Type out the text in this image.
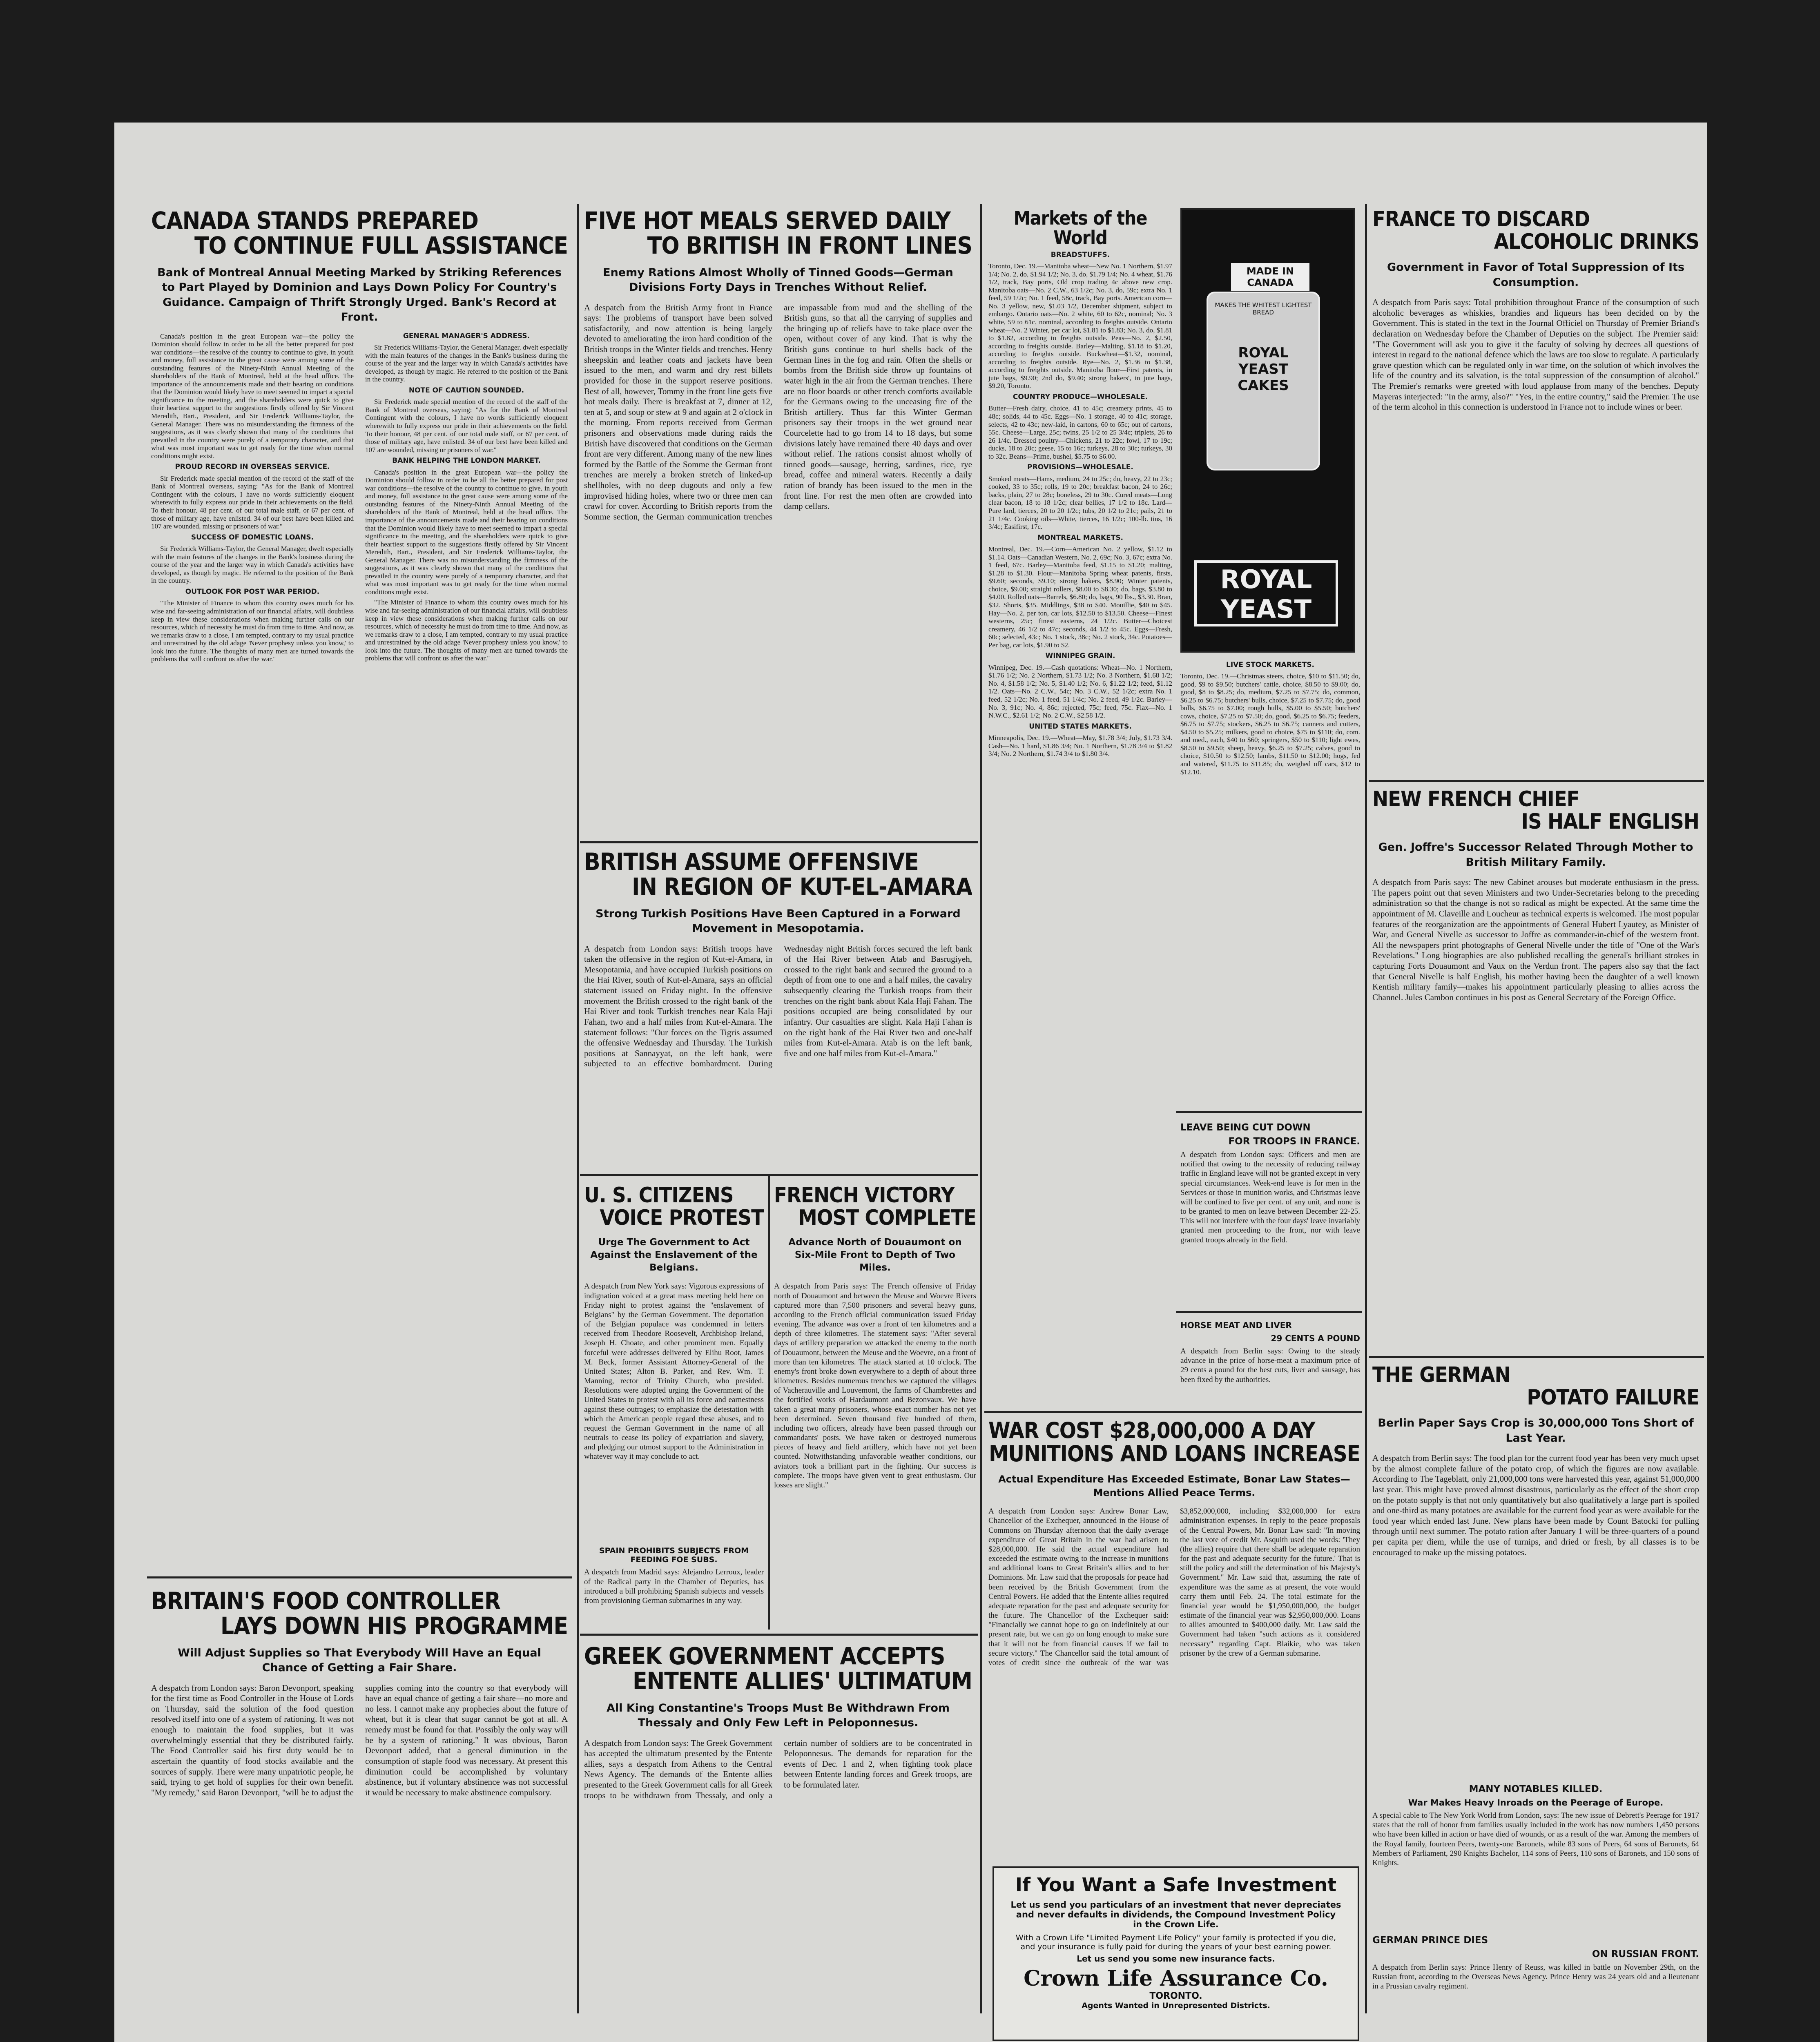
CANADA STANDS PREPARED
TO CONTINUE FULL ASSISTANCE
Bank of Montreal Annual Meeting Marked by Striking References to Part Played by Dominion and Lays Down Policy For Country's Guidance. Campaign of Thrift Strongly Urged. Bank's Record at Front.

Canada's position in the great European war—the policy the Dominion should follow in order to be all the better prepared for post war conditions—the resolve of the country to continue to give, in youth and money, full assistance to the great cause were among some of the outstanding features of the Ninety-Ninth Annual Meeting of the shareholders of the Bank of Montreal, held at the head office. The importance of the announcements made and their bearing on conditions that the Dominion would likely have to meet seemed to impart a special significance to the meeting, and the shareholders were quick to give their heartiest support to the suggestions firstly offered by Sir Vincent Meredith, Bart., President, and Sir Frederick Williams-Taylor, the General Manager. There was no misunderstanding the firmness of the suggestions, as it was clearly shown that many of the conditions that prevailed in the country were purely of a temporary character, and that what was most important was to get ready for the time when normal conditions might exist.

PROUD RECORD IN OVERSEAS SERVICE.

Sir Frederick made special mention of the record of the staff of the Bank of Montreal overseas, saying: "As for the Bank of Montreal Contingent with the colours, I have no words sufficiently eloquent wherewith to fully express our pride in their achievements on the field. To their honour, 48 per cent. of our total male staff, or 67 per cent. of those of military age, have enlisted. 34 of our best have been killed and 107 are wounded, missing or prisoners of war."

SUCCESS OF DOMESTIC LOANS.

Sir Frederick Williams-Taylor, the General Manager, dwelt especially with the main features of the changes in the Bank's business during the course of the year and the larger way in which Canada's activities have developed, as though by magic. He referred to the position of the Bank in the country.

OUTLOOK FOR POST WAR PERIOD.

"The Minister of Finance to whom this country owes much for his wise and far-seeing administration of our financial affairs, will doubtless keep in view these considerations when making further calls on our resources, which of necessity he must do from time to time. And now, as we remarks draw to a close, I am tempted, contrary to my usual practice and unrestrained by the old adage 'Never prophesy unless you know,' to look into the future. The thoughts of many men are turned towards the problems that will confront us after the war."

GENERAL MANAGER'S ADDRESS.

Sir Frederick Williams-Taylor, the General Manager, dwelt especially with the main features of the changes in the Bank's business during the course of the year and the larger way in which Canada's activities have developed, as though by magic. He referred to the position of the Bank in the country.

NOTE OF CAUTION SOUNDED.

Sir Frederick made special mention of the record of the staff of the Bank of Montreal overseas, saying: "As for the Bank of Montreal Contingent with the colours, I have no words sufficiently eloquent wherewith to fully express our pride in their achievements on the field. To their honour, 48 per cent. of our total male staff, or 67 per cent. of those of military age, have enlisted. 34 of our best have been killed and 107 are wounded, missing or prisoners of war."

BANK HELPING THE LONDON MARKET.

Canada's position in the great European war—the policy the Dominion should follow in order to be all the better prepared for post war conditions—the resolve of the country to continue to give, in youth and money, full assistance to the great cause were among some of the outstanding features of the Ninety-Ninth Annual Meeting of the shareholders of the Bank of Montreal, held at the head office. The importance of the announcements made and their bearing on conditions that the Dominion would likely have to meet seemed to impart a special significance to the meeting, and the shareholders were quick to give their heartiest support to the suggestions firstly offered by Sir Vincent Meredith, Bart., President, and Sir Frederick Williams-Taylor, the General Manager. There was no misunderstanding the firmness of the suggestions, as it was clearly shown that many of the conditions that prevailed in the country were purely of a temporary character, and that what was most important was to get ready for the time when normal conditions might exist.

"The Minister of Finance to whom this country owes much for his wise and far-seeing administration of our financial affairs, will doubtless keep in view these considerations when making further calls on our resources, which of necessity he must do from time to time. And now, as we remarks draw to a close, I am tempted, contrary to my usual practice and unrestrained by the old adage 'Never prophesy unless you know,' to look into the future. The thoughts of many men are turned towards the problems that will confront us after the war."

BRITAIN'S FOOD CONTROLLER
LAYS DOWN HIS PROGRAMME
Will Adjust Supplies so That Everybody Will Have an Equal Chance of Getting a Fair Share.
A despatch from London says: Baron Devonport, speaking for the first time as Food Controller in the House of Lords on Thursday, said the solution of the food question resolved itself into one of a system of rationing. It was not enough to maintain the food supplies, but it was overwhelmingly essential that they be distributed fairly. The Food Controller said his first duty would be to ascertain the quantity of food stocks available and the sources of supply. There were many unpatriotic people, he said, trying to get hold of supplies for their own benefit. "My remedy," said Baron Devonport, "will be to adjust the supplies coming into the country so that everybody will have an equal chance of getting a fair share—no more and no less. I cannot make any prophecies about the future of wheat, but it is clear that sugar cannot be got at all. A remedy must be found for that. Possibly the only way will be by a system of rationing." It was obvious, Baron Devonport added, that a general diminution in the consumption of staple food was necessary. At present this diminution could be accomplished by voluntary abstinence, but if voluntary abstinence was not successful it would be necessary to make abstinence compulsory.
FIVE HOT MEALS SERVED DAILY
TO BRITISH IN FRONT LINES
Enemy Rations Almost Wholly of Tinned Goods—German Divisions Forty Days in Trenches Without Relief.
A despatch from the British Army front in France says: The problems of transport have been solved satisfactorily, and now attention is being largely devoted to ameliorating the iron hard condition of the British troops in the Winter fields and trenches. Henry sheepskin and leather coats and jackets have been issued to the men, and warm and dry rest billets provided for those in the support reserve positions. Best of all, however, Tommy in the front line gets five hot meals daily. There is breakfast at 7, dinner at 12, ten at 5, and soup or stew at 9 and again at 2 o'clock in the morning. From reports received from German prisoners and observations made during raids the British have discovered that conditions on the German front are very different. Among many of the new lines formed by the Battle of the Somme the German front trenches are merely a broken stretch of linked-up shellholes, with no deep dugouts and only a few improvised hiding holes, where two or three men can crawl for cover. According to British reports from the Somme section, the German communication trenches are impassable from mud and the shelling of the British guns, so that all the carrying of supplies and the bringing up of reliefs have to take place over the open, without cover of any kind. That is why the British guns continue to hurl shells back of the German lines in the fog and rain. Often the shells or bombs from the British side throw up fountains of water high in the air from the German trenches. There are no floor boards or other trench comforts available for the Germans owing to the unceasing fire of the British artillery. Thus far this Winter German prisoners say their troops in the wet ground near Courcelette had to go from 14 to 18 days, but some divisions lately have remained there 40 days and over without relief. The rations consist almost wholly of tinned goods—sausage, herring, sardines, rice, rye bread, coffee and mineral waters. Recently a daily ration of brandy has been issued to the men in the front line. For rest the men often are crowded into damp cellars.
BRITISH ASSUME OFFENSIVE
IN REGION OF KUT-EL-AMARA
Strong Turkish Positions Have Been Captured in a Forward Movement in Mesopotamia.
A despatch from London says: British troops have taken the offensive in the region of Kut-el-Amara, in Mesopotamia, and have occupied Turkish positions on the Hai River, south of Kut-el-Amara, says an official statement issued on Friday night. In the offensive movement the British crossed to the right bank of the Hai River and took Turkish trenches near Kala Haji Fahan, two and a half miles from Kut-el-Amara. The statement follows: "Our forces on the Tigris assumed the offensive Wednesday and Thursday. The Turkish positions at Sannayyat, on the left bank, were subjected to an effective bombardment. During Wednesday night British forces secured the left bank of the Hai River between Atab and Basrugiyeh, crossed to the right bank and secured the ground to a depth of from one to one and a half miles, the cavalry subsequently clearing the Turkish troops from their trenches on the right bank about Kala Haji Fahan. The positions occupied are being consolidated by our infantry. Our casualties are slight. Kala Haji Fahan is on the right bank of the Hai River two and one-half miles from Kut-el-Amara. Atab is on the left bank, five and one half miles from Kut-el-Amara."
U. S. CITIZENS
VOICE PROTEST
Urge The Government to Act Against the Enslavement of the Belgians.
A despatch from New York says: Vigorous expressions of indignation voiced at a great mass meeting held here on Friday night to protest against the "enslavement of Belgians" by the German Government. The deportation of the Belgian populace was condemned in letters received from Theodore Roosevelt, Archbishop Ireland, Joseph H. Choate, and other prominent men. Equally forceful were addresses delivered by Elihu Root, James M. Beck, former Assistant Attorney-General of the United States; Alton B. Parker, and Rev. Wm. T. Manning, rector of Trinity Church, who presided. Resolutions were adopted urging the Government of the United States to protest with all its force and earnestness against these outrages; to emphasize the detestation with which the American people regard these abuses, and to request the German Government in the name of all neutrals to cease its policy of expatriation and slavery, and pledging our utmost support to the Administration in whatever way it may conclude to act.
SPAIN PROHIBITS SUBJECTS FROM FEEDING FOE SUBS.
A despatch from Madrid says: Alejandro Lerroux, leader of the Radical party in the Chamber of Deputies, has introduced a bill prohibiting Spanish subjects and vessels from provisioning German submarines in any way.
FRENCH VICTORY
MOST COMPLETE
Advance North of Douaumont on Six-Mile Front to Depth of Two Miles.
A despatch from Paris says: The French offensive of Friday north of Douaumont and between the Meuse and Woevre Rivers captured more than 7,500 prisoners and several heavy guns, according to the French official communication issued Friday evening. The advance was over a front of ten kilometres and a depth of three kilometres. The statement says: "After several days of artillery preparation we attacked the enemy to the north of Douaumont, between the Meuse and the Woevre, on a front of more than ten kilometres. The attack started at 10 o'clock. The enemy's front broke down everywhere to a depth of about three kilometres. Besides numerous trenches we captured the villages of Vacherauville and Louvemont, the farms of Chambrettes and the fortified works of Hardaumont and Bezonvaux. We have taken a great many prisoners, whose exact number has not yet been determined. Seven thousand five hundred of them, including two officers, already have been passed through our commandants' posts. We have taken or destroyed numerous pieces of heavy and field artillery, which have not yet been counted. Notwithstanding unfavorable weather conditions, our aviators took a brilliant part in the fighting. Our success is complete. The troops have given vent to great enthusiasm. Our losses are slight."
GREEK GOVERNMENT ACCEPTS
ENTENTE ALLIES' ULTIMATUM
All King Constantine's Troops Must Be Withdrawn From Thessaly and Only Few Left in Peloponnesus.
A despatch from London says: The Greek Government has accepted the ultimatum presented by the Entente allies, says a despatch from Athens to the Central News Agency. The demands of the Entente allies presented to the Greek Government calls for all Greek troops to be withdrawn from Thessaly, and only a certain number of soldiers are to be concentrated in Peloponnesus. The demands for reparation for the events of Dec. 1 and 2, when fighting took place between Entente landing forces and Greek troops, are to be formulated later.
Markets of the World
BREADSTUFFS.
Toronto, Dec. 19.—Manitoba wheat—New No. 1 Northern, $1.97 1/4; No. 2, do, $1.94 1/2; No. 3, do, $1.79 1/4; No. 4 wheat, $1.76 1/2, track, Bay ports, Old crop trading 4c above new crop. Manitoba oats—No. 2 C.W., 63 1/2c; No. 3, do, 59c; extra No. 1 feed, 59 1/2c; No. 1 feed, 58c, track, Bay ports. American corn—No. 3 yellow, new, $1.03 1/2, December shipment, subject to embargo. Ontario oats—No. 2 white, 60 to 62c, nominal; No. 3 white, 59 to 61c, nominal, according to freights outside. Ontario wheat—No. 2 Winter, per car lot, $1.81 to $1.83; No. 3, do, $1.81 to $1.82, according to freights outside. Peas—No. 2, $2.50, according to freights outside. Barley—Malting, $1.18 to $1.20, according to freights outside. Buckwheat—$1.32, nominal, according to freights outside. Rye—No. 2, $1.36 to $1.38, according to freights outside. Manitoba flour—First patents, in jute bags, $9.90; 2nd do, $9.40; strong bakers', in jute bags, $9.20, Toronto.
COUNTRY PRODUCE—WHOLESALE.
Butter—Fresh dairy, choice, 41 to 45c; creamery prints, 45 to 48c; solids, 44 to 45c. Eggs—No. 1 storage, 40 to 41c; storage, selects, 42 to 43c; new-laid, in cartons, 60 to 65c; out of cartons, 55c. Cheese—Large, 25c; twins, 25 1/2 to 25 3/4c; triplets, 26 to 26 1/4c. Dressed poultry—Chickens, 21 to 22c; fowl, 17 to 19c; ducks, 18 to 20c; geese, 15 to 16c; turkeys, 28 to 30c; turkeys, 30 to 32c. Beans—Prime, bushel, $5.75 to $6.00.
PROVISIONS—WHOLESALE.
Smoked meats—Hams, medium, 24 to 25c; do, heavy, 22 to 23c; cooked, 33 to 35c; rolls, 19 to 20c; breakfast bacon, 24 to 26c; backs, plain, 27 to 28c; boneless, 29 to 30c. Cured meats—Long clear bacon, 18 to 18 1/2c; clear bellies, 17 1/2 to 18c. Lard—Pure lard, tierces, 20 to 20 1/2c; tubs, 20 1/2 to 21c; pails, 21 to 21 1/4c. Cooking oils—White, tierces, 16 1/2c; 100-lb. tins, 16 3/4c; Easifirst, 17c.
MONTREAL MARKETS.
Montreal, Dec. 19.—Corn—American No. 2 yellow, $1.12 to $1.14. Oats—Canadian Western, No. 2, 69c; No. 3, 67c; extra No. 1 feed, 67c. Barley—Manitoba feed, $1.15 to $1.20; malting, $1.28 to $1.30. Flour—Manitoba Spring wheat patents, firsts, $9.60; seconds, $9.10; strong bakers, $8.90; Winter patents, choice, $9.00; straight rollers, $8.00 to $8.30; do, bags, $3.80 to $4.00. Rolled oats—Barrels, $6.80; do, bags, 90 lbs., $3.30. Bran, $32. Shorts, $35. Middlings, $38 to $40. Mouillie, $40 to $45. Hay—No. 2, per ton, car lots, $12.50 to $13.50. Cheese—Finest westerns, 25c; finest easterns, 24 1/2c. Butter—Choicest creamery, 46 1/2 to 47c; seconds, 44 1/2 to 45c. Eggs—Fresh, 60c; selected, 43c; No. 1 stock, 38c; No. 2 stock, 34c. Potatoes—Per bag, car lots, $1.90 to $2.
WINNIPEG GRAIN.
Winnipeg, Dec. 19.—Cash quotations: Wheat—No. 1 Northern, $1.76 1/2; No. 2 Northern, $1.73 1/2; No. 3 Northern, $1.68 1/2; No. 4, $1.58 1/2; No. 5, $1.40 1/2; No. 6, $1.22 1/2; feed, $1.12 1/2. Oats—No. 2 C.W., 54c; No. 3 C.W., 52 1/2c; extra No. 1 feed, 52 1/2c; No. 1 feed, 51 1/4c; No. 2 feed, 49 1/2c. Barley—No. 3, 91c; No. 4, 86c; rejected, 75c; feed, 75c. Flax—No. 1 N.W.C., $2.61 1/2; No. 2 C.W., $2.58 1/2.
UNITED STATES MARKETS.
Minneapolis, Dec. 19.—Wheat—May, $1.78 3/4; July, $1.73 3/4. Cash—No. 1 hard, $1.86 3/4; No. 1 Northern, $1.78 3/4 to $1.82 3/4; No. 2 Northern, $1.74 3/4 to $1.80 3/4.
MADE IN CANADA
MAKES THE WHITEST LIGHTEST BREAD
ROYAL YEAST CAKES
ROYAL
YEAST
LIVE STOCK MARKETS.
Toronto, Dec. 19.—Christmas steers, choice, $10 to $11.50; do, good, $9 to $9.50; butchers' cattle, choice, $8.50 to $9.00; do, good, $8 to $8.25; do, medium, $7.25 to $7.75; do, common, $6.25 to $6.75; butchers' bulls, choice, $7.25 to $7.75; do, good bulls, $6.75 to $7.00; rough bulls, $5.00 to $5.50; butchers' cows, choice, $7.25 to $7.50; do, good, $6.25 to $6.75; feeders, $6.75 to $7.75; stockers, $6.25 to $6.75; canners and cutters, $4.50 to $5.25; milkers, good to choice, $75 to $110; do, com. and med., each, $40 to $60; springers, $50 to $110; light ewes, $8.50 to $9.50; sheep, heavy, $6.25 to $7.25; calves, good to choice, $10.50 to $12.50; lambs, $11.50 to $12.00; hogs, fed and watered, $11.75 to $11.85; do, weighed off cars, $12 to $12.10.
LEAVE BEING CUT DOWN
FOR TROOPS IN FRANCE.
A despatch from London says: Officers and men are notified that owing to the necessity of reducing railway traffic in England leave will not be granted except in very special circumstances. Week-end leave is for men in the Services or those in munition works, and Christmas leave will be confined to five per cent. of any unit, and none is to be granted to men on leave between December 22-25. This will not interfere with the four days' leave invariably granted men proceeding to the front, nor with leave granted troops already in the field.
HORSE MEAT AND LIVER
29 CENTS A POUND
A despatch from Berlin says: Owing to the steady advance in the price of horse-meat a maximum price of 29 cents a pound for the best cuts, liver and sausage, has been fixed by the authorities.
WAR COST $28,000,000 A DAY
MUNITIONS AND LOANS INCREASE
Actual Expenditure Has Exceeded Estimate, Bonar Law States—Mentions Allied Peace Terms.
A despatch from London says: Andrew Bonar Law, Chancellor of the Exchequer, announced in the House of Commons on Thursday afternoon that the daily average expenditure of Great Britain in the war had arisen to $28,000,000. He said the actual expenditure had exceeded the estimate owing to the increase in munitions and additional loans to Great Britain's allies and to her Dominions. Mr. Law said that the proposals for peace had been received by the British Government from the Central Powers. He added that the Entente allies required adequate reparation for the past and adequate security for the future. The Chancellor of the Exchequer said: "Financially we cannot hope to go on indefinitely at our present rate, but we can go on long enough to make sure that it will not be from financial causes if we fail to secure victory." The Chancellor said the total amount of votes of credit since the outbreak of the war was $3,852,000,000, including $32,000,000 for extra administration expenses. In reply to the peace proposals of the Central Powers, Mr. Bonar Law said: "In moving the last vote of credit Mr. Asquith used the words: 'They (the allies) require that there shall be adequate reparation for the past and adequate security for the future.' That is still the policy and still the determination of his Majesty's Government." Mr. Law said that, assuming the rate of expenditure was the same as at present, the vote would carry them until Feb. 24. The total estimate for the financial year would be $1,950,000,000, the budget estimate of the financial year was $2,950,000,000. Loans to allies amounted to $400,000 daily. Mr. Law said the Government had taken "such actions as it considered necessary" regarding Capt. Blaikie, who was taken prisoner by the crew of a German submarine.
If You Want a Safe Investment
Let us send you particulars of an investment that never depreciates and never defaults in dividends, the Compound Investment Policy in the Crown Life.
With a Crown Life "Limited Payment Life Policy" your family is protected if you die, and your insurance is fully paid for during the years of your best earning power.
Let us send you some new insurance facts.
Crown Life Assurance Co.
TORONTO.
Agents Wanted in Unrepresented Districts.
FRANCE TO DISCARD
ALCOHOLIC DRINKS
Government in Favor of Total Suppression of Its Consumption.
A despatch from Paris says: Total prohibition throughout France of the consumption of such alcoholic beverages as whiskies, brandies and liqueurs has been decided on by the Government. This is stated in the text in the Journal Officiel on Thursday of Premier Briand's declaration on Wednesday before the Chamber of Deputies on the subject. The Premier said: "The Government will ask you to give it the faculty of solving by decrees all questions of interest in regard to the national defence which the laws are too slow to regulate. A particularly grave question which can be regulated only in war time, on the solution of which involves the life of the country and its salvation, is the total suppression of the consumption of alcohol." The Premier's remarks were greeted with loud applause from many of the benches. Deputy Mayeras interjected: "In the army, also?" "Yes, in the entire country," said the Premier. The use of the term alcohol in this connection is understood in France not to include wines or beer.
NEW FRENCH CHIEF
IS HALF ENGLISH
Gen. Joffre's Successor Related Through Mother to British Military Family.
A despatch from Paris says: The new Cabinet arouses but moderate enthusiasm in the press. The papers point out that seven Ministers and two Under-Secretaries belong to the preceding administration so that the change is not so radical as might be expected. At the same time the appointment of M. Claveille and Loucheur as technical experts is welcomed. The most popular features of the reorganization are the appointments of General Hubert Lyautey, as Minister of War, and General Nivelle as successor to Joffre as commander-in-chief of the western front. All the newspapers print photographs of General Nivelle under the title of "One of the War's Revelations." Long biographies are also published recalling the general's brilliant strokes in capturing Forts Douaumont and Vaux on the Verdun front. The papers also say that the fact that General Nivelle is half English, his mother having been the daughter of a well known Kentish military family—makes his appointment particularly pleasing to allies across the Channel. Jules Cambon continues in his post as General Secretary of the Foreign Office.
THE GERMAN
POTATO FAILURE
Berlin Paper Says Crop is 30,000,000 Tons Short of Last Year.
A despatch from Berlin says: The food plan for the current food year has been very much upset by the almost complete failure of the potato crop, of which the figures are now available. According to The Tageblatt, only 21,000,000 tons were harvested this year, against 51,000,000 last year. This might have proved almost disastrous, particularly as the effect of the short crop on the potato supply is that not only quantitatively but also qualitatively a large part is spoiled and one-third as many potatoes are available for the current food year as were available for the food year which ended last June. New plans have been made by Count Batocki for pulling through until next summer. The potato ration after January 1 will be three-quarters of a pound per capita per diem, while the use of turnips, and dried or fresh, by all classes is to be encouraged to make up the missing potatoes.
MANY NOTABLES KILLED.
War Makes Heavy Inroads on the Peerage of Europe.
A special cable to The New York World from London, says: The new issue of Debrett's Peerage for 1917 states that the roll of honor from families usually included in the work has now numbers 1,450 persons who have been killed in action or have died of wounds, or as a result of the war. Among the members of the Royal family, fourteen Peers, twenty-one Baronets, while 83 sons of Peers, 64 sons of Baronets, 64 Members of Parliament, 290 Knights Bachelor, 114 sons of Peers, 110 sons of Baronets, and 150 sons of Knights.
GERMAN PRINCE DIES
ON RUSSIAN FRONT.
A despatch from Berlin says: Prince Henry of Reuss, was killed in battle on November 29th, on the Russian front, according to the Overseas News Agency. Prince Henry was 24 years old and a lieutenant in a Prussian cavalry regiment.
